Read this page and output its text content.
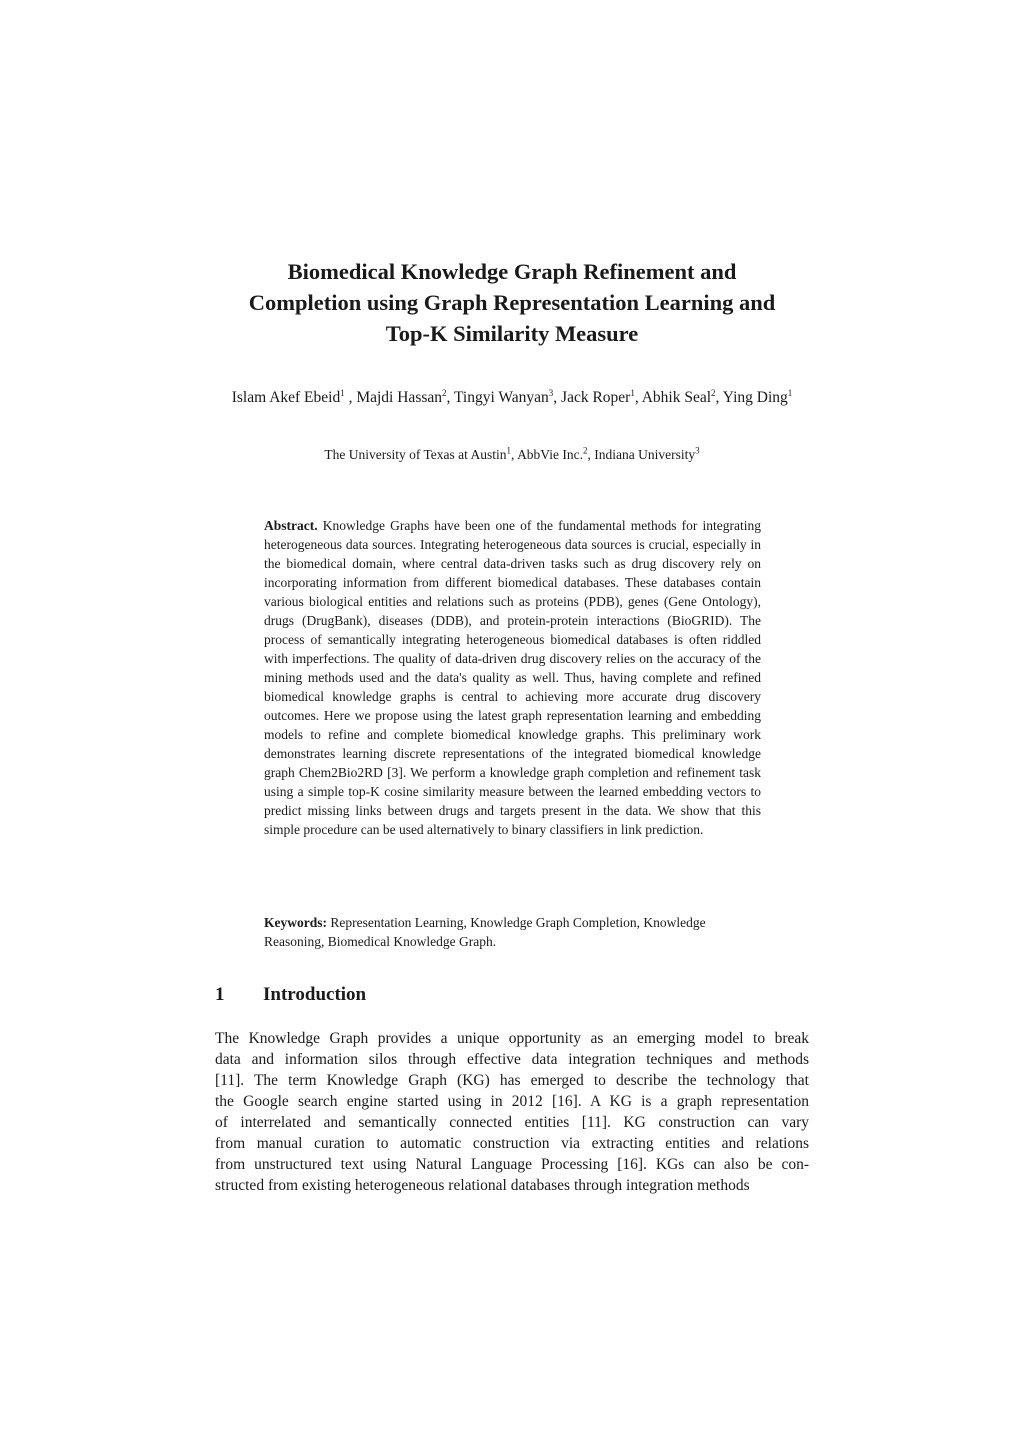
Biomedical Knowledge Graph Refinement and
Completion using Graph Representation Learning and
Top-K Similarity Measure
Islam Akef Ebeid$^1$ , Majdi Hassan$^2$, Tingyi Wanyan$^3$, Jack Roper$^1$, Abhik Seal$^2$, Ying Ding$^1$
The University of Texas at Austin$^1$, AbbVie Inc.$^2$, Indiana University$^3$
Abstract. Knowledge Graphs have been one of the fundamental methods for integrating heterogeneous data sources. Integrating heterogeneous data sources is crucial, especially in the biomedical domain, where central data-driven tasks such as drug discovery rely on incorporating information from different biomedical databases. These databases contain various biological entities and relations such as proteins (PDB), genes (Gene Ontology), drugs (DrugBank), diseases (DDB), and protein-protein interactions (BioGRID). The process of semantically integrating heterogeneous biomedical databases is often riddled with imperfections. The quality of data-driven drug discovery relies on the accuracy of the mining methods used and the data's quality as well. Thus, having complete and refined biomedical knowledge graphs is central to achieving more accurate drug discovery outcomes. Here we propose using the latest graph representation learning and embedding models to refine and complete biomedical knowledge graphs. This preliminary work demonstrates learning discrete representations of the integrated biomedical knowledge graph Chem2Bio2RD [3]. We perform a knowledge graph completion and refinement task using a simple top-K cosine similarity measure between the learned embedding vectors to predict missing links between drugs and targets present in the data. We show that this simple procedure can be used alternatively to binary classifiers in link prediction.
Keywords: Representation Learning, Knowledge Graph Completion, Knowledge Reasoning, Biomedical Knowledge Graph.
1 Introduction
The Knowledge Graph provides a unique opportunity as an emerging model to break
data and information silos through effective data integration techniques and methods
[11]. The term Knowledge Graph (KG) has emerged to describe the technology that
the Google search engine started using in 2012 [16]. A KG is a graph representation
of interrelated and semantically connected entities [11]. KG construction can vary
from manual curation to automatic construction via extracting entities and relations
from unstructured text using Natural Language Processing [16]. KGs can also be con-
structed from existing heterogeneous relational databases through integration methods
